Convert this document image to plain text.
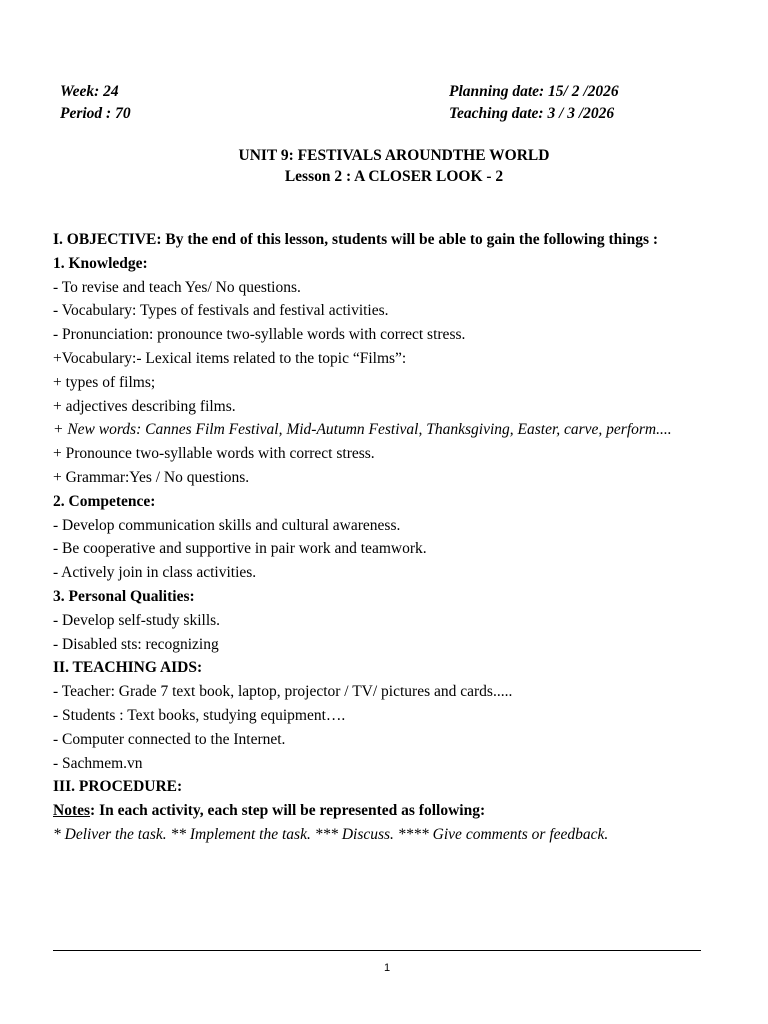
Week: 24
Period : 70
Planning date: 15/ 2 /2026
Teaching date: 3 / 3 /2026
UNIT 9: FESTIVALS AROUNDTHE WORLD
Lesson 2 : A CLOSER LOOK - 2

I. OBJECTIVE: By the end of this lesson, students will be able to gain the following things :

1. Knowledge:

- To revise and teach Yes/ No questions.

- Vocabulary: Types of festivals and festival activities.

- Pronunciation: pronounce two-syllable words with correct stress.

+Vocabulary:- Lexical items related to the topic “Films”:

+ types of films;

+ adjectives describing films.

+ New words: Cannes Film Festival, Mid-Autumn Festival, Thanksgiving, Easter, carve, perform....

+ Pronounce two-syllable words with correct stress.

+ Grammar:Yes / No questions.

2. Competence:

- Develop communication skills and cultural awareness.

- Be cooperative and supportive in pair work and teamwork.

- Actively join in class activities.

3. Personal Qualities:

- Develop self-study skills.

- Disabled sts: recognizing

II. TEACHING AIDS:

- Teacher: Grade 7 text book, laptop, projector / TV/ pictures and cards.....

- Students : Text books, studying equipment….

- Computer connected to the Internet.

- Sachmem.vn

III. PROCEDURE:

Notes: In each activity, each step will be represented as following:

* Deliver the task. ** Implement the task. *** Discuss. **** Give comments or feedback.

1
